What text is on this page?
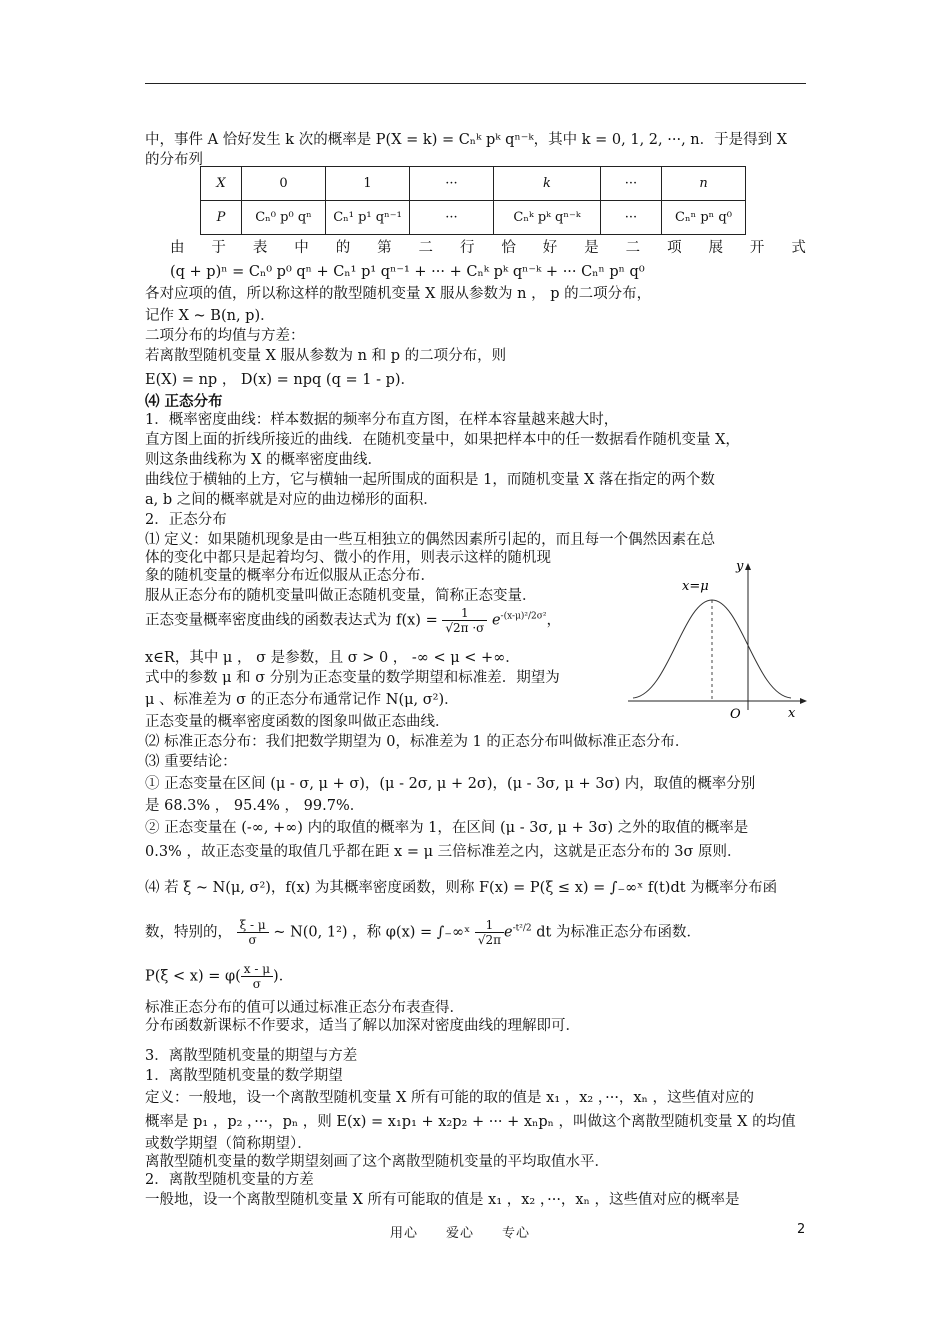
中，事件 A 恰好发生 k 次的概率是 P(X = k) = Cₙᵏ pᵏ qⁿ⁻ᵏ，其中 k = 0, 1, 2, ···, n．于是得到 X
的分布列
X	0	1	···	k	···	n
P	Cₙ⁰ p⁰ qⁿ	Cₙ¹ p¹ qⁿ⁻¹	···	Cₙᵏ pᵏ qⁿ⁻ᵏ	···	Cₙⁿ pⁿ q⁰
由 于 表 中 的 第 二 行 恰 好 是 二 项 展 开 式
(q + p)ⁿ = Cₙ⁰ p⁰ qⁿ + Cₙ¹ p¹ qⁿ⁻¹ + ··· + Cₙᵏ pᵏ qⁿ⁻ᵏ + ··· Cₙⁿ pⁿ q⁰
各对应项的值，所以称这样的散型随机变量 X 服从参数为 n ， p 的二项分布，
记作 X ~ B(n, p)．
二项分布的均值与方差：
若离散型随机变量 X 服从参数为 n 和 p 的二项分布，则
E(X) = np ， D(x) = npq (q = 1 - p)．
⑷ 正态分布
1．概率密度曲线：样本数据的频率分布直方图，在样本容量越来越大时，
直方图上面的折线所接近的曲线．在随机变量中，如果把样本中的任一数据看作随机变量 X，
则这条曲线称为 X 的概率密度曲线．
曲线位于横轴的上方，它与横轴一起所围成的面积是 1，而随机变量 X 落在指定的两个数
a, b 之间的概率就是对应的曲边梯形的面积．
2．正态分布
⑴ 定义：如果随机现象是由一些互相独立的偶然因素所引起的，而且每一个偶然因素在总
体的变化中都只是起着均匀、微小的作用，则表示这样的随机现
象的随机变量的概率分布近似服从正态分布．
服从正态分布的随机变量叫做正态随机变量，简称正态变量．
正态变量概率密度曲线的函数表达式为 $f(x) = \frac{1}{√2\pi \cdot\sigma} e^{-(x-\mu)^2/2\sigma^2}$，
x∈R，其中 μ ， σ 是参数，且 σ > 0 ， -∞ < μ < +∞．
式中的参数 μ 和 σ 分别为正态变量的数学期望和标准差．期望为
μ 、标准差为 σ 的正态分布通常记作 N(μ, σ²)．
正态变量的概率密度函数的图象叫做正态曲线．
⑵ 标准正态分布：我们把数学期望为 0，标准差为 1 的正态分布叫做标准正态分布．
⑶ 重要结论：
① 正态变量在区间 (μ - σ, μ + σ)，(μ - 2σ, μ + 2σ)，(μ - 3σ, μ + 3σ) 内，取值的概率分别
是 68.3% ， 95.4% ， 99.7%．
② 正态变量在 (-∞, +∞) 内的取值的概率为 1，在区间 (μ - 3σ, μ + 3σ) 之外的取值的概率是
0.3% ，故正态变量的取值几乎都在距 x = μ 三倍标准差之内，这就是正态分布的 3σ 原则．
⑷ 若 ξ ~ N(μ, σ²)，f(x) 为其概率密度函数，则称 F(x) = P(ξ ≤ x) = ∫₋∞ˣ f(t)dt 为概率分布函
数，特别的， $\frac{\xi - \mu}{\sigma}$ ~ N(0, 1²) ，称 φ(x) = ∫₋∞ˣ $\frac{1}{√2\pi} e^{-t^2/2}$ dt 为标准正态分布函数．
$P(\xi < x) = \varphi( \frac{x - \mu}{\sigma}$ )．
标准正态分布的值可以通过标准正态分布表查得．
分布函数新课标不作要求，适当了解以加深对密度曲线的理解即可．
3．离散型随机变量的期望与方差
1．离散型随机变量的数学期望
定义：一般地，设一个离散型随机变量 X 所有可能的取的值是 x₁ ，x₂ ，···，xₙ ，这些值对应的
概率是 p₁ ，p₂ ，···，pₙ ，则 E(x) = x₁p₁ + x₂p₂ + ··· + xₙpₙ ，叫做这个离散型随机变量 X 的均值
或数学期望（简称期望）．
离散型随机变量的数学期望刻画了这个离散型随机变量的平均取值水平．
2．离散型随机变量的方差
一般地，设一个离散型随机变量 X 所有可能取的值是 x₁ ，x₂ ，···，xₙ ，这些值对应的概率是
y
x
O
x=μ
用心　　爱心　　专心	2
